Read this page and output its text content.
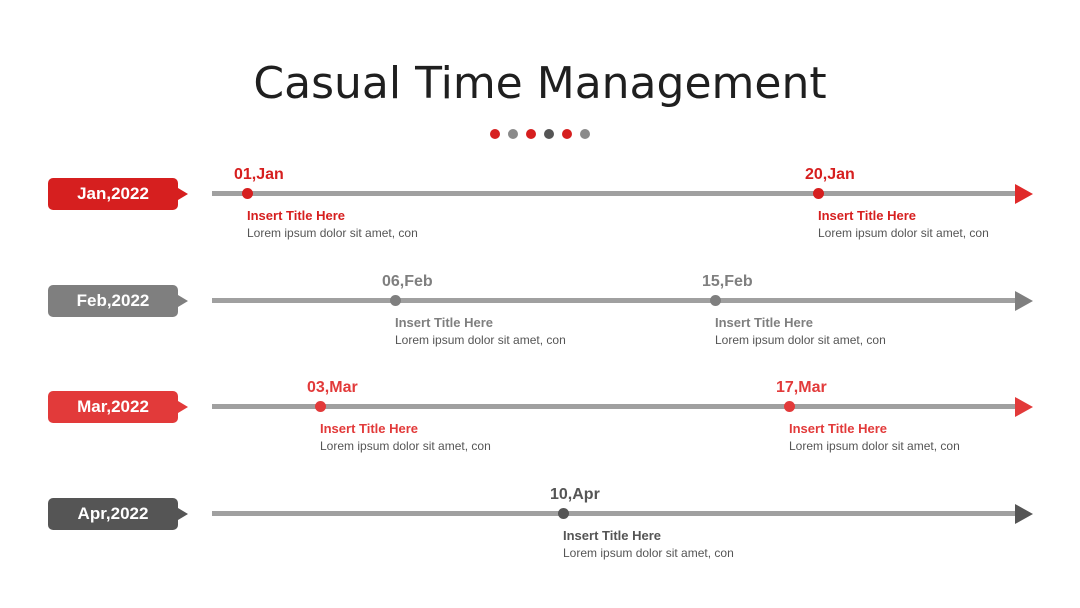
Casual Time Management
Jan,2022
01,Jan
Insert Title Here
Lorem ipsum dolor sit amet, con
20,Jan
Insert Title Here
Lorem ipsum dolor sit amet, con
Feb,2022
06,Feb
Insert Title Here
Lorem ipsum dolor sit amet, con
15,Feb
Insert Title Here
Lorem ipsum dolor sit amet, con
Mar,2022
03,Mar
Insert Title Here
Lorem ipsum dolor sit amet, con
17,Mar
Insert Title Here
Lorem ipsum dolor sit amet, con
Apr,2022
10,Apr
Insert Title Here
Lorem ipsum dolor sit amet, con
